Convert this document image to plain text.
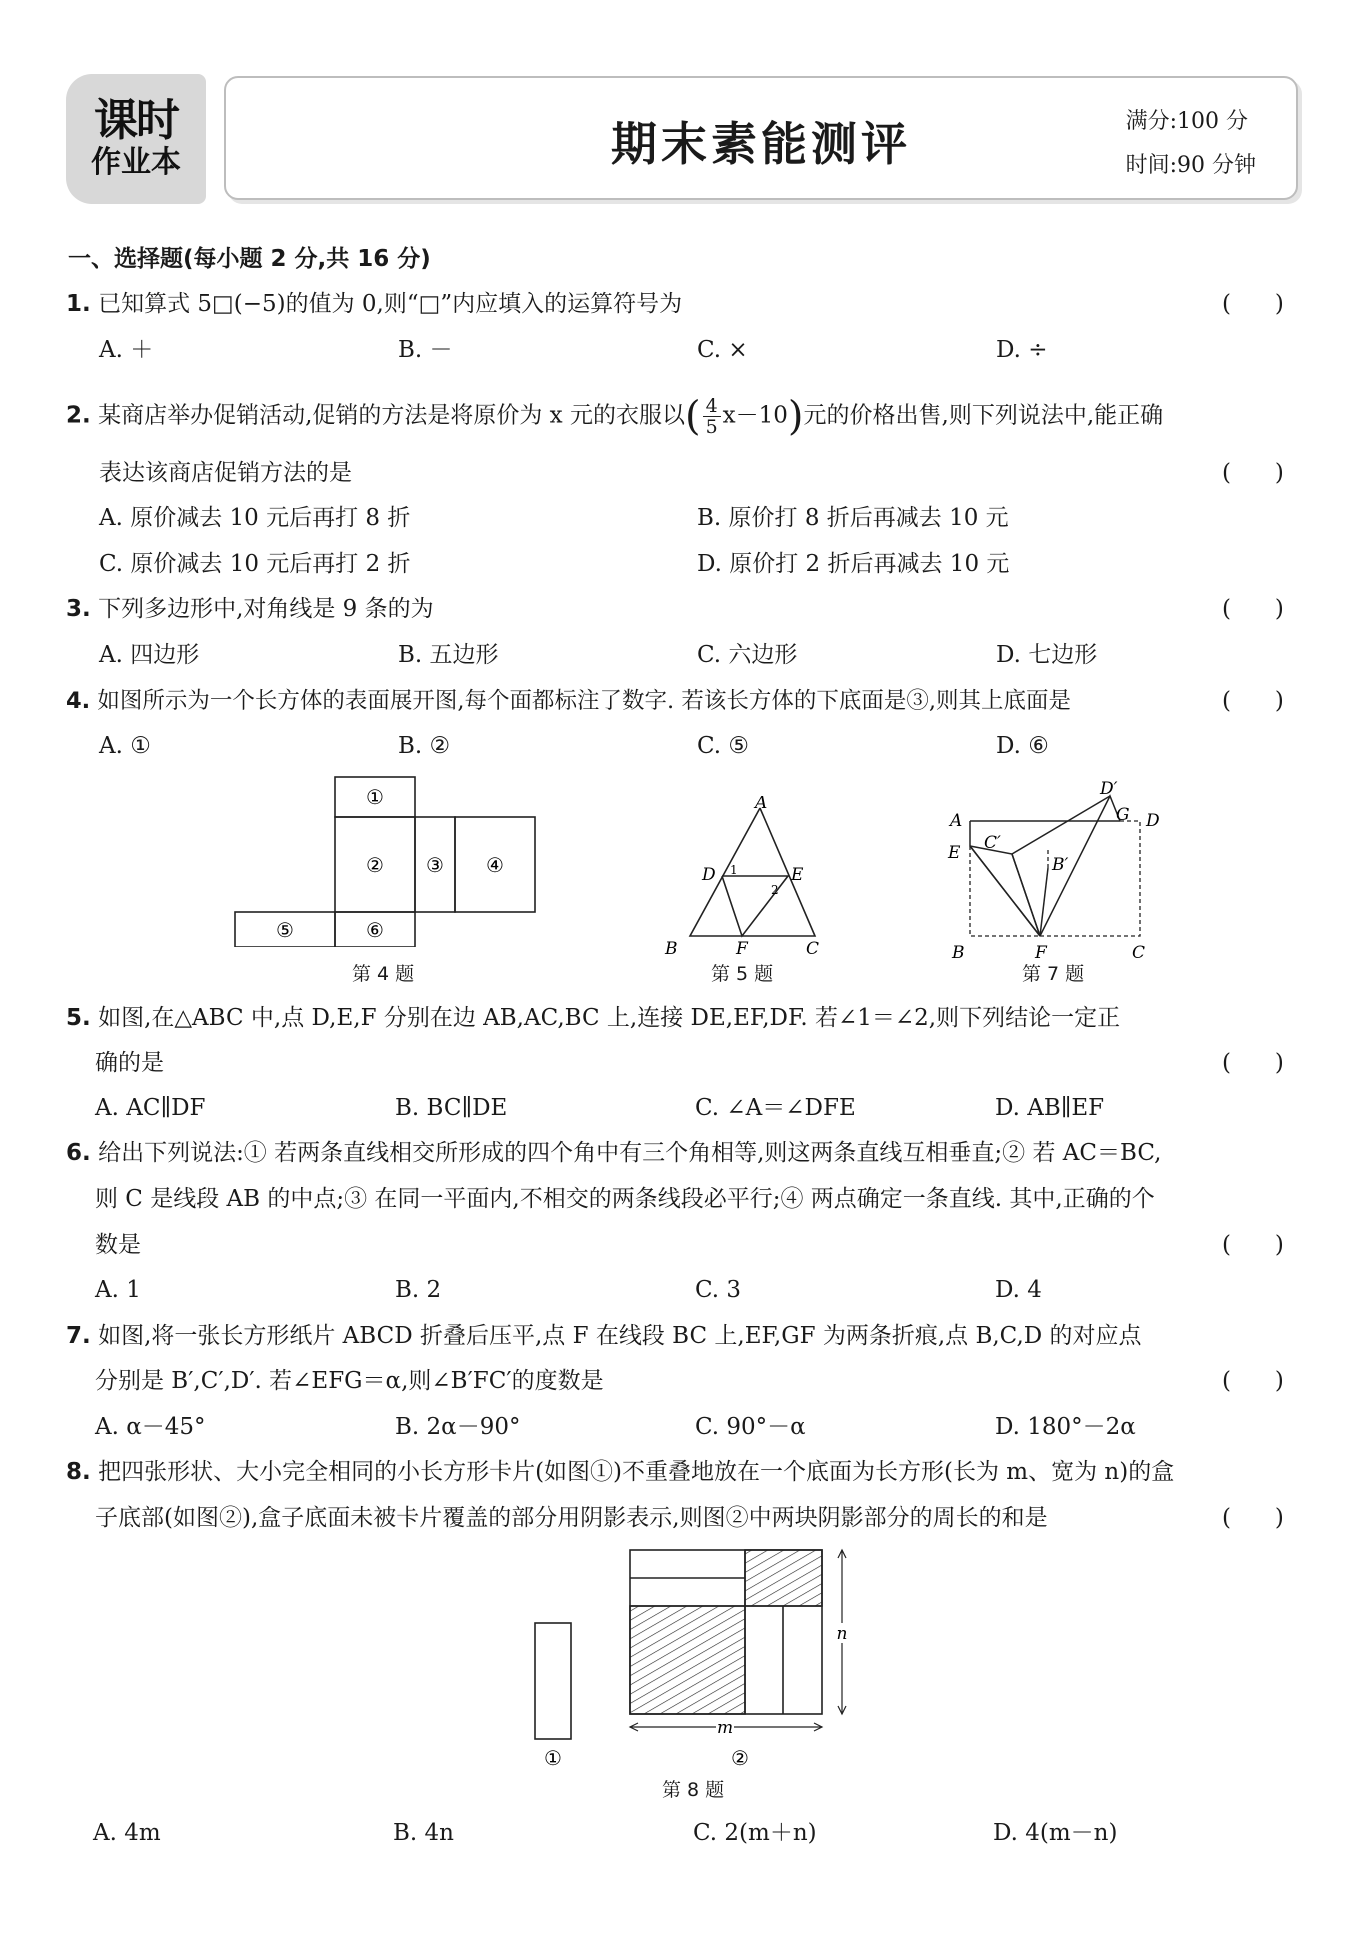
课时
作业本	期末素能测评	满分:100 分
时间:90 分钟
一、选择题(每小题 2 分,共 16 分)
1. 已知算式 5□(−5)的值为 0,则“□”内应填入的运算符号为	(      )
A. ＋	B. －	C. ×	D. ÷
2. 某商店举办促销活动,促销的方法是将原价为 x 元的衣服以( $\frac{4}{5} x-10$)元的价格出售,则下列说法中,能正确
表达该商店促销方法的是	(      )
A. 原价减去 10 元后再打 8 折	B. 原价打 8 折后再减去 10 元
C. 原价减去 10 元后再打 2 折	D. 原价打 2 折后再减去 10 元
3. 下列多边形中,对角线是 9 条的为	(      )
A. 四边形	B. 五边形	C. 六边形	D. 七边形
4. 如图所示为一个长方体的表面展开图,每个面都标注了数字. 若该长方体的下底面是③,则其上底面是	(      )
A. ①	B. ②	C. ⑤	D. ⑥
①
② ③ ④
⑤	⑥
第 4 题
A
B	C
D	E
F
1
2
第 5 题
A
B	C
D
E
F
G
B′
C′
D′
第 7 题
5. 如图,在△ABC 中,点 D,E,F 分别在边 AB,AC,BC 上,连接 DE,EF,DF. 若∠1＝∠2,则下列结论一定正
确的是	(      )
A. AC∥DF	B. BC∥DE	C. ∠A＝∠DFE	D. AB∥EF
6. 给出下列说法:① 若两条直线相交所形成的四个角中有三个角相等,则这两条直线互相垂直;② 若 AC＝BC,
则 C 是线段 AB 的中点;③ 在同一平面内,不相交的两条线段必平行;④ 两点确定一条直线. 其中,正确的个
数是	(      )
A. 1	B. 2	C. 3	D. 4
7. 如图,将一张长方形纸片 ABCD 折叠后压平,点 F 在线段 BC 上,EF,GF 为两条折痕,点 B,C,D 的对应点
分别是 B′,C′,D′. 若∠EFG＝α,则∠B′FC′的度数是	(      )
A. α－45°	B. 2α－90°	C. 90°－α	D. 180°－2α
8. 把四张形状、大小完全相同的小长方形卡片(如图①)不重叠地放在一个底面为长方形(长为 m、宽为 n)的盒
子底部(如图②),盒子底面未被卡片覆盖的部分用阴影表示,则图②中两块阴影部分的周长的和是	(      )
m
n
①	②
第 8 题
A. 4m	B. 4n	C. 2(m＋n)	D. 4(m－n)
